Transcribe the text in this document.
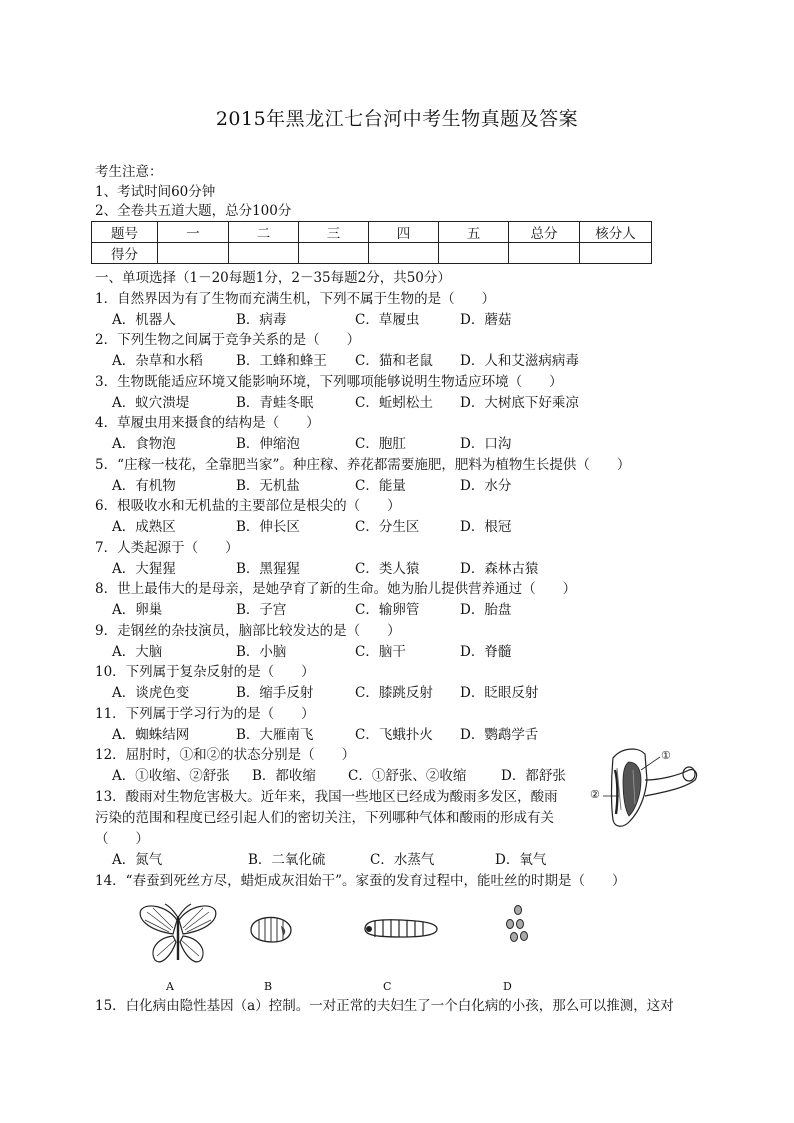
2015年黑龙江七台河中考生物真题及答案
考生注意：
1、考试时间60分钟
2、全卷共五道大题，总分100分
题号	一	二	三	四	五	总分	核分人
得分							
一、单项选择（1－20每题1分，2－35每题2分，共50分）
1．自然界因为有了生物而充满生机，下列不属于生物的是（　　）
A．机器人	B．病毒	C．草履虫	D．蘑菇
2．下列生物之间属于竞争关系的是（　　）
A．杂草和水稻 B．工蜂和蜂王 C．猫和老鼠 D．人和艾滋病病毒
3．生物既能适应环境又能影响环境，下列哪项能够说明生物适应环境（　　）
A．蚁穴溃堤	B．青蛙冬眠	C．蚯蚓松土 D．大树底下好乘凉
4．草履虫用来摄食的结构是（　　）
A．食物泡	B．伸缩泡	C．胞肛	D．口沟
5．“庄稼一枝花，全靠肥当家”。种庄稼、养花都需要施肥，肥料为植物生长提供（　　）
A．有机物	B．无机盐	C．能量	D．水分
6．根吸收水和无机盐的主要部位是根尖的（　　）
A．成熟区	B．伸长区	C．分生区	D．根冠
7．人类起源于（　　）
A．大猩猩	B．黑猩猩	C．类人猿	D．森林古猿
8．世上最伟大的是母亲，是她孕育了新的生命。她为胎儿提供营养通过（　　）
A．卵巢	B．子宫	C．输卵管	D．胎盘
9．走钢丝的杂技演员，脑部比较发达的是（　　）
A．大脑	B．小脑	C．脑干	D．脊髓
10．下列属于复杂反射的是（　　）
A．谈虎色变	B．缩手反射	C．膝跳反射 D．眨眼反射
11．下列属于学习行为的是（　　）
A．蜘蛛结网	B．大雁南飞	C．飞蛾扑火 D．鹦鹉学舌
12．屈肘时，①和②的状态分别是（　　）
A．①收缩、②舒张 B．都收缩 C．①舒张、②收缩	D．都舒张
①
②
13．酸雨对生物危害极大。近年来，我国一些地区已经成为酸雨多发区，酸雨
污染的范围和程度已经引起人们的密切关注，下列哪种气体和酸雨的形成有关
（　　）
A．氮气	B．二氧化硫	C．水蒸气	D．氧气
14．“春蚕到死丝方尽，蜡炬成灰泪始干”。家蚕的发育过程中，能吐丝的时期是（　　）
A	B	C	D
15．白化病由隐性基因（a）控制。一对正常的夫妇生了一个白化病的小孩，那么可以推测，这对
